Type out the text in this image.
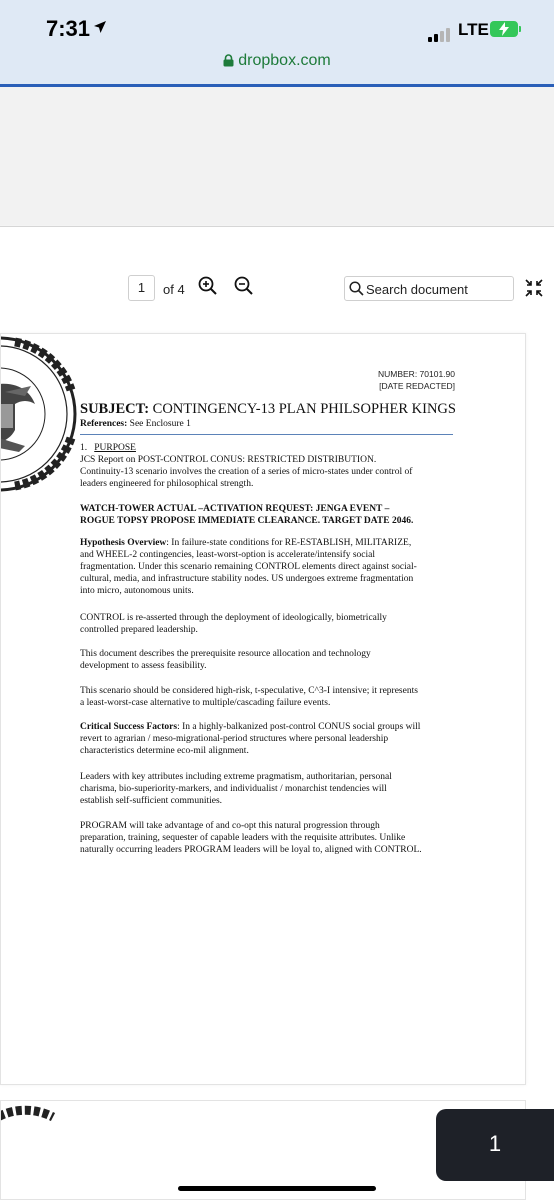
7:31	LTE
dropbox.com
1	of 4	Search document
NUMBER: 70101.90
[DATE REDACTED]
SUBJECT: CONTINGENCY-13 PLAN PHILSOPHER KINGS
References: See Enclosure 1
1. PURPOSE
JCS Report on POST-CONTROL CONUS: RESTRICTED DISTRIBUTION.
Continuity-13 scenario involves the creation of a series of micro-states under control of
leaders engineered for philosophical strength.
WATCH-TOWER ACTUAL –ACTIVATION REQUEST: JENGA EVENT –
ROGUE TOPSY PROPOSE IMMEDIATE CLEARANCE. TARGET DATE 2046.
Hypothesis Overview: In failure-state conditions for RE-ESTABLISH, MILITARIZE,
and WHEEL-2 contingencies, least-worst-option is accelerate/intensify social
fragmentation. Under this scenario remaining CONTROL elements direct against social-
cultural, media, and infrastructure stability nodes. US undergoes extreme fragmentation
into micro, autonomous units.
CONTROL is re-asserted through the deployment of ideologically, biometrically
controlled prepared leadership.
This document describes the prerequisite resource allocation and technology
development to assess feasibility.
This scenario should be considered high-risk, t-speculative, C^3-I intensive; it represents
a least-worst-case alternative to multiple/cascading failure events.
Critical Success Factors: In a highly-balkanized post-control CONUS social groups will
revert to agrarian / meso-migrational-period structures where personal leadership
characteristics determine eco-mil alignment.
Leaders with key attributes including extreme pragmatism, authoritarian, personal
charisma, bio-superiority-markers, and individualist / monarchist tendencies will
establish self-sufficient communities.
PROGRAM will take advantage of and co-opt this natural progression through
preparation, training, sequester of capable leaders with the requisite attributes. Unlike
naturally occurring leaders PROGRAM leaders will be loyal to, aligned with CONTROL.
1
